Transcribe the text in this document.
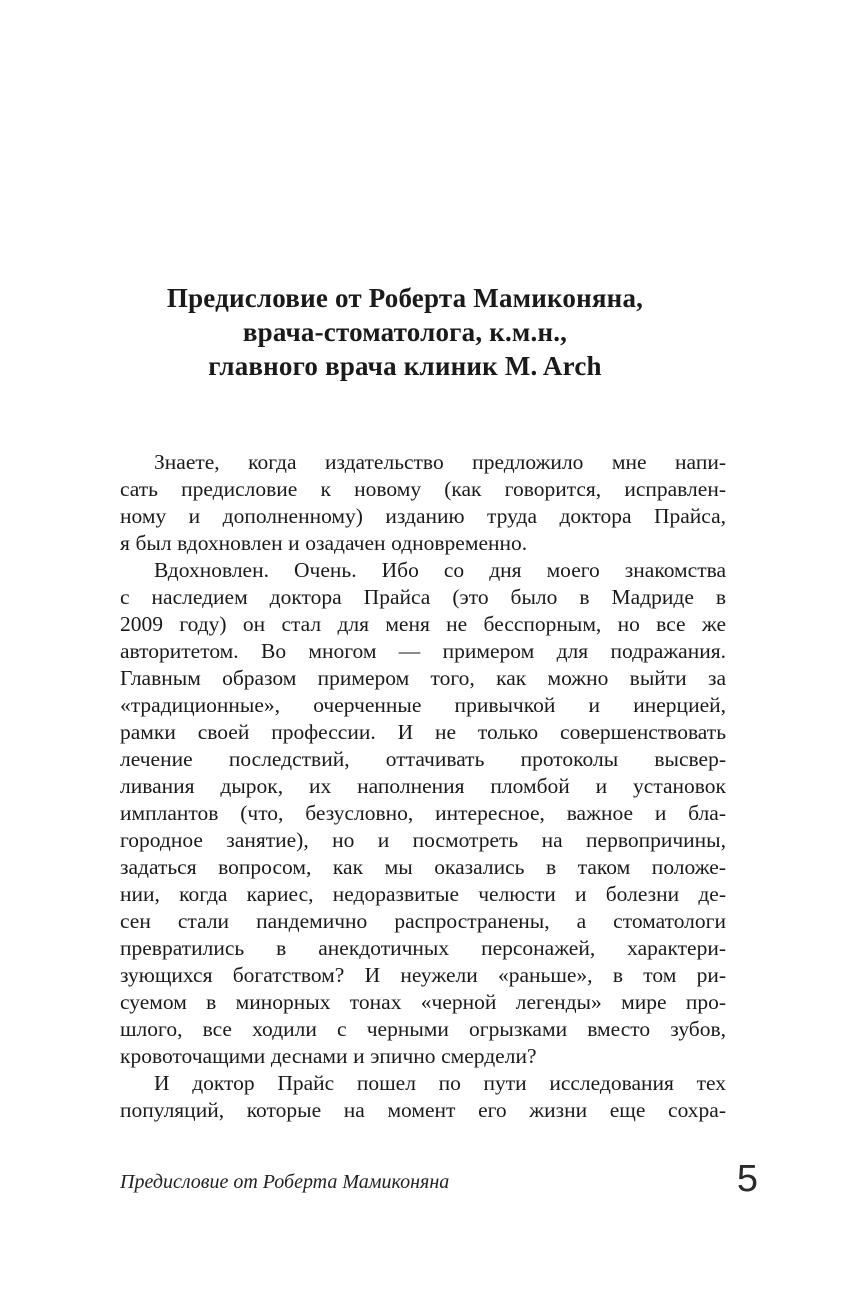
Предисловие от Роберта Мамиконяна,
врача-стоматолога, к.м.н.,
главного врача клиник M. Arch
Знаете, когда издательство предложило мне напи-
сать предисловие к новому (как говорится, исправлен-
ному и дополненному) изданию труда доктора Прайса,
я был вдохновлен и озадачен одновременно.
Вдохновлен. Очень. Ибо со дня моего знакомства
с наследием доктора Прайса (это было в Мадриде в
2009 году) он стал для меня не бесспорным, но все же
авторитетом. Во многом — примером для подражания.
Главным образом примером того, как можно выйти за
«традиционные», очерченные привычкой и инерцией,
рамки своей профессии. И не только совершенствовать
лечение последствий, оттачивать протоколы высвер-
ливания дырок, их наполнения пломбой и установок
имплантов (что, безусловно, интересное, важное и бла-
городное занятие), но и посмотреть на первопричины,
задаться вопросом, как мы оказались в таком положе-
нии, когда кариес, недоразвитые челюсти и болезни де-
сен стали пандемично распространены, а стоматологи
превратились в анекдотичных персонажей, характери-
зующихся богатством? И неужели «раньше», в том ри-
суемом в минорных тонах «черной легенды» мире про-
шлого, все ходили с черными огрызками вместо зубов,
кровоточащими деснами и эпично смердели?
И доктор Прайс пошел по пути исследования тех
популяций, которые на момент его жизни еще сохра-
Предисловие от Роберта Мамиконяна	5
